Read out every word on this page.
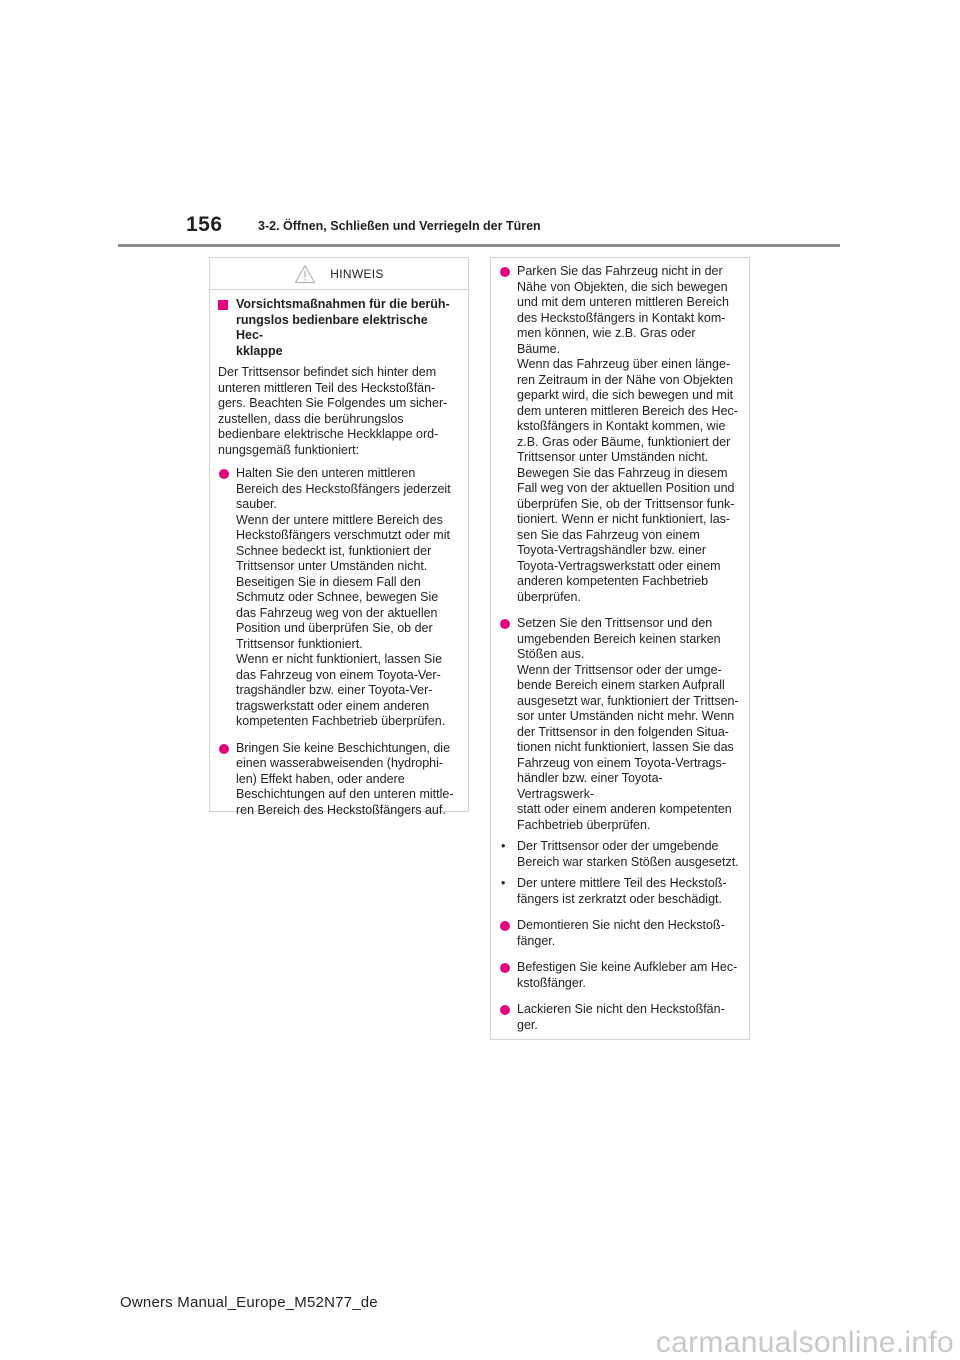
156	3-2. Öffnen, Schließen und Verriegeln der Türen
HINWEIS
Vorsichtsmaßnahmen für die berüh-
rungslos bedienbare elektrische Hec-
kklappe
Der Trittsensor befindet sich hinter dem
unteren mittleren Teil des Heckstoßfän-
gers. Beachten Sie Folgendes um sicher-
zustellen, dass die berührungslos
bedienbare elektrische Heckklappe ord-
nungsgemäß funktioniert:
Halten Sie den unteren mittleren
Bereich des Heckstoßfängers jederzeit
sauber.
Wenn der untere mittlere Bereich des
Heckstoßfängers verschmutzt oder mit
Schnee bedeckt ist, funktioniert der
Trittsensor unter Umständen nicht.
Beseitigen Sie in diesem Fall den
Schmutz oder Schnee, bewegen Sie
das Fahrzeug weg von der aktuellen
Position und überprüfen Sie, ob der
Trittsensor funktioniert.
Wenn er nicht funktioniert, lassen Sie
das Fahrzeug von einem Toyota-Ver-
tragshändler bzw. einer Toyota-Ver-
tragswerkstatt oder einem anderen
kompetenten Fachbetrieb überprüfen.
Bringen Sie keine Beschichtungen, die
einen wasserabweisenden (hydrophi-
len) Effekt haben, oder andere
Beschichtungen auf den unteren mittle-
ren Bereich des Heckstoßfängers auf.
Parken Sie das Fahrzeug nicht in der
Nähe von Objekten, die sich bewegen
und mit dem unteren mittleren Bereich
des Heckstoßfängers in Kontakt kom-
men können, wie z.B. Gras oder
Bäume.
Wenn das Fahrzeug über einen länge-
ren Zeitraum in der Nähe von Objekten
geparkt wird, die sich bewegen und mit
dem unteren mittleren Bereich des Hec-
kstoßfängers in Kontakt kommen, wie
z.B. Gras oder Bäume, funktioniert der
Trittsensor unter Umständen nicht.
Bewegen Sie das Fahrzeug in diesem
Fall weg von der aktuellen Position und
überprüfen Sie, ob der Trittsensor funk-
tioniert. Wenn er nicht funktioniert, las-
sen Sie das Fahrzeug von einem
Toyota-Vertragshändler bzw. einer
Toyota-Vertragswerkstatt oder einem
anderen kompetenten Fachbetrieb
überprüfen.
Setzen Sie den Trittsensor und den
umgebenden Bereich keinen starken
Stößen aus.
Wenn der Trittsensor oder der umge-
bende Bereich einem starken Aufprall
ausgesetzt war, funktioniert der Trittsen-
sor unter Umständen nicht mehr. Wenn
der Trittsensor in den folgenden Situa-
tionen nicht funktioniert, lassen Sie das
Fahrzeug von einem Toyota-Vertrags-
händler bzw. einer Toyota-Vertragswerk-
statt oder einem anderen kompetenten
Fachbetrieb überprüfen.
• Der Trittsensor oder der umgebende
Bereich war starken Stößen ausgesetzt.
• Der untere mittlere Teil des Heckstoß-
fängers ist zerkratzt oder beschädigt.
Demontieren Sie nicht den Heckstoß-
fänger.
Befestigen Sie keine Aufkleber am Hec-
kstoßfänger.
Lackieren Sie nicht den Heckstoßfän-
ger.
Owners Manual_Europe_M52N77_de
carmanualsonline.info
